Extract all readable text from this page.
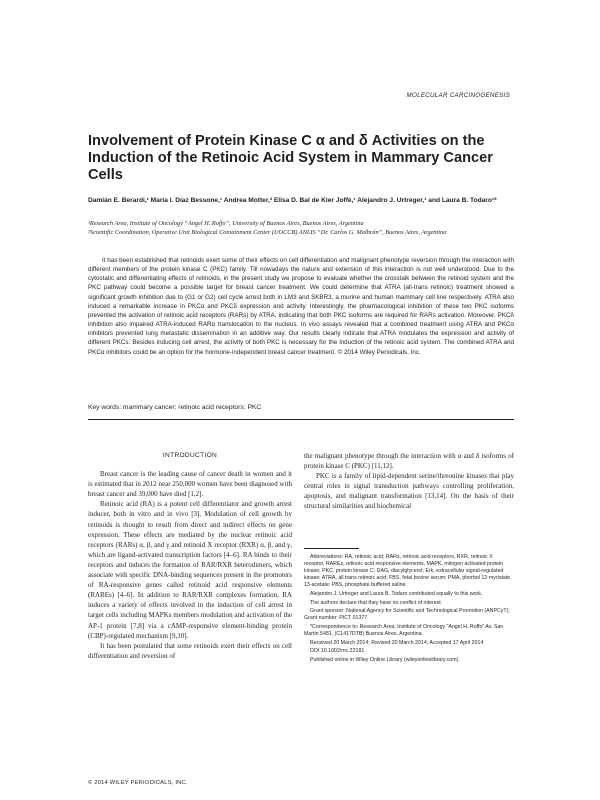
MOLECULAR CARCINOGENESIS
Involvement of Protein Kinase C α and δ Activities on the Induction of the Retinoic Acid System in Mammary Cancer Cells
Damián E. Berardi,¹ María I. Díaz Bessone,¹ Andrea Motter,² Elisa D. Bal de Kier Joffé,¹ Alejandro J. Urtreger,¹ and Laura B. Todaro¹*
¹Research Area, Institute of Oncology “Angel H. Roffo”, University of Buenos Aires, Buenos Aires, Argentina
²Scientific Coordination, Operative Unit Biological Containment Center (UOCCB) ANLIS “Dr. Carlos G. Malbrán”, Buenos Aires, Argentina

It has been established that retinoids exert some of their effects on cell differentiation and malignant phenotype reversion through the interaction with different members of the protein kinase C (PKC) family. Till nowadays the nature and extension of this interaction is not well understood. Due to the cytostatic and differentiating effects of retinoids, in the present study we propose to evaluate whether the crosstalk between the retinoid system and the PKC pathway could become a possible target for breast cancer treatment. We could determine that ATRA (all-trans retinoic) treatment showed a significant growth inhibition due to (G1 or G2) cell cycle arrest both in LM3 and SKBR3, a murine and human mammary cell line respectively. ATRA also induced a remarkable increase in PKCα and PKCδ expression and activity. Interestingly, the pharmacological inhibition of these two PKC isoforms prevented the activation of retinoic acid receptors (RARs) by ATRA, indicating that both PKC isoforms are required for RARs activation. Moreover, PKCδ inhibition also impaired ATRA-induced RARα translocation to the nucleus. In vivo assays revealed that a combined treatment using ATRA and PKCα inhibitors prevented lung metastatic dissemination in an additive way. Our results clearly indicate that ATRA modulates the expression and activity of different PKCs. Besides inducing cell arrest, the activity of both PKC is necessary for the induction of the retinoic acid system. The combined ATRA and PKCα inhibitors could be an option for the hormone-independent breast cancer treatment. © 2014 Wiley Periodicals, Inc.

Key words: mammary cancer; retinoic acid receptors; PKC

INTRODUCTION

Breast cancer is the leading cause of cancer death in women and it is estimated that in 2012 near 250,000 women have been diagnosed with breast cancer and 39,000 have died [1,2].

Retinoic acid (RA) is a potent cell differentiator and growth arrest inducer, both in vitro and in vivo [3]. Modulation of cell growth by retinoids is thought to result from direct and indirect effects on gene expression. These effects are mediated by the nuclear retinoic acid receptors (RARs) α, β, and γ and retinoid X receptor (RXR) α, β, and γ, which are ligand-activated transcription factors [4–6]. RA binds to their receptors and induces the formation of RAR/RXR heterodimers, which associate with specific DNA-binding sequences present in the promoters of RA-responsive genes called retinoid acid responsive elements (RAREs) [4–6]. In addition to RAR/RXR complexes formation, RA induces a variety of effects involved in the induction of cell arrest in target cells including MAPKs members modulation and activation of the AP-1 protein [7,8] via a cAMP-responsive element-binding protein (CBP)-regulated mechanism [9,10].

It has been postulated that some retinoids exert their effects on cell differentiation and reversion of

the malignant phenotype through the interaction with α and δ isoforms of protein kinase C (PKC) [11,12].

PKC is a family of lipid-dependent serine/threonine kinases that play central roles in signal transduction pathways controlling proliferation, apoptosis, and malignant transformation [13,14]. On the basis of their structural similarities and biochemical

Abbreviations: RA, retinoic acid; RARs, retinoic acid receptors, RXR, retinoic X receptor, RAREs, retinoic acid responsive elements, MAPK, mitogen activated protein kinase; PKC, protein kinase C; DAG, diacylglycerol; Erk, extracellular signal-regulated kinase; ATRA, all trans retinoic acid; FBS, fetal bovine serum; PMA, phorbol 12-myristate 13-acetate; PBS, phosphate buffered saline.

Alejandro J. Urtreger and Laura B. Todaro contributed equally to this work.

The authors declare that they have no conflict of interest.

Grant sponsor: National Agency for Scientific and Technological Promotion (ANPCyT); Grant number: PICT 01377

*Correspondence to: Research Area, Institute of Oncology “Angel H. Roffo” Av. San Martin 5481, (C1417DTB) Buenos Aires, Argentina.

Received 20 March 2014; Revised 20 March 2014; Accepted 17 April 2014

DOI 10.1002/mc.22181

Published online in Wiley Online Library (wileyonlinelibrary.com).

© 2014 WILEY PERIODICALS, INC.
